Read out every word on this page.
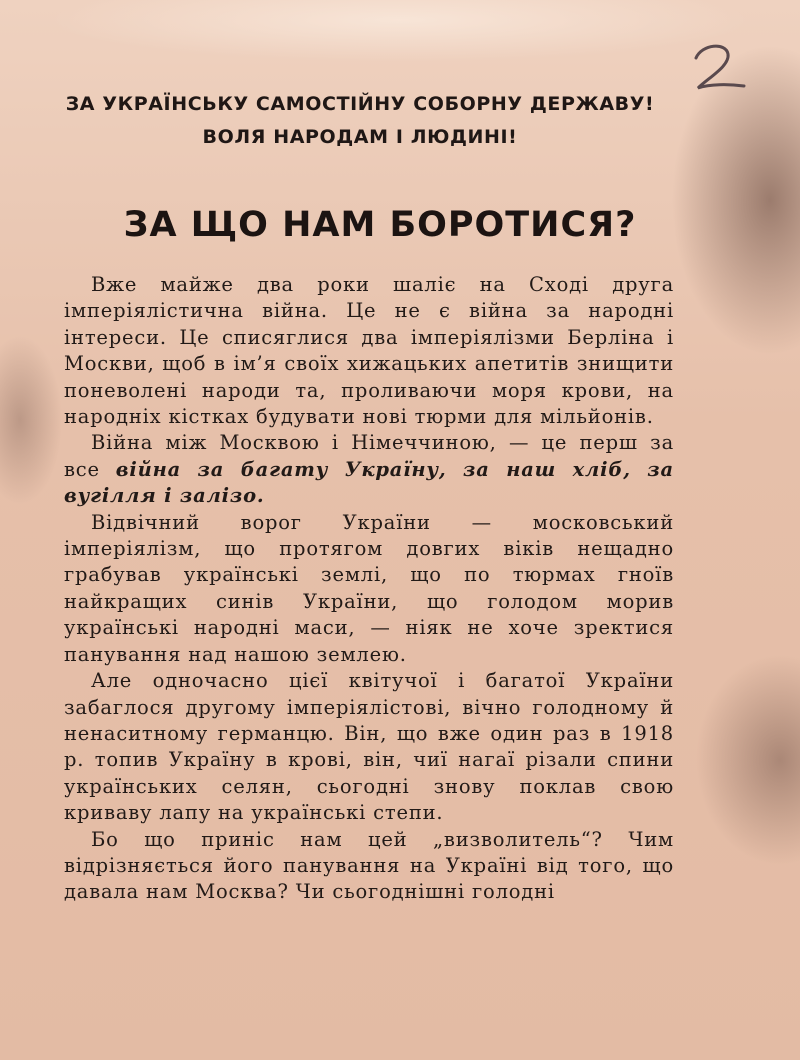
ЗА УКРАЇНСЬКУ САМОСТІЙНУ СОБОРНУ ДЕРЖАВУ!
ВОЛЯ НАРОДАМ І ЛЮДИНІ!
ЗА ЩО НАМ БОРОТИСЯ?

Вже майже два роки шаліє на Сході друга імперіялістична війна. Це не є війна за народні інтереси. Це списяглися два імперіялізми Берліна і Москви, щоб в ім’я своїх хижацьких апетитів знищити поневолені народи та, проливаючи моря крови, на народніх кістках будувати нові тюрми для мільйонів.

Війна між Москвою і Німеччиною, — це перш за все війна за багату Україну, за наш хліб, за вугілля і залізо.

Відвічний ворог України — московський імперіялізм, що протягом довгих віків нещадно грабував українські землі, що по тюрмах гноїв найкращих синів України, що голодом морив українські народні маси, — ніяк не хоче зректися панування над нашою землею.

Але одночасно цієї квітучої і багатої України забаглося другому імперіялістові, вічно голодному й ненаситному германцю. Він, що вже один раз в 1918 р. топив Україну в крові, він, чиї нагаї різали спини українських селян, сьогодні знову поклав свою криваву лапу на українські степи.

Бо що приніс нам цей „визволитель“? Чим відрізняється його панування на Україні від того, що давала нам Москва? Чи сьогоднішні голодні
